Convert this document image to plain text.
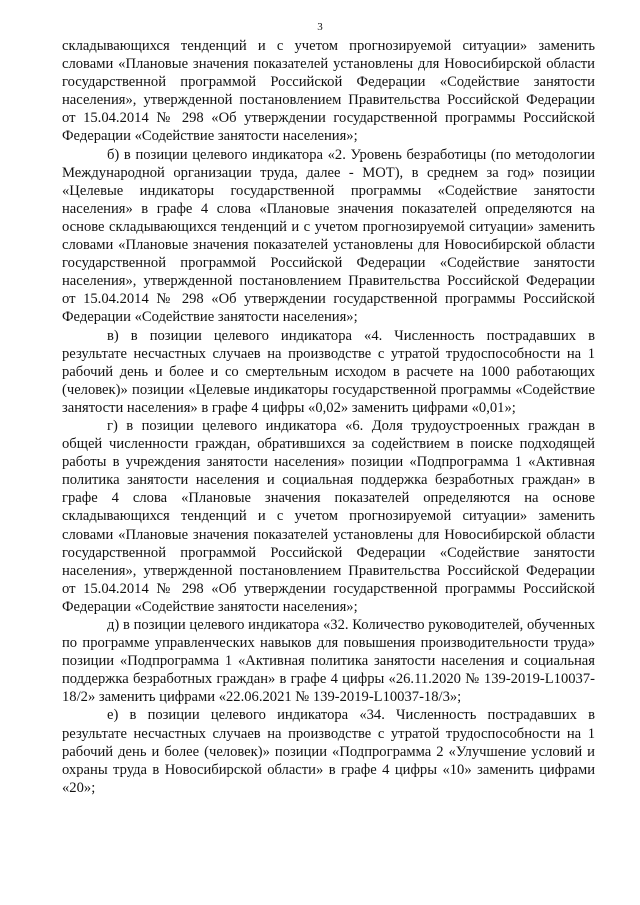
3

складывающихся тенденций и с учетом прогнозируемой ситуации» заменить словами «Плановые значения показателей установлены для Новосибирской области государственной программой Российской Федерации «Содействие занятости населения», утвержденной постановлением Правительства Российской Федерации от 15.04.2014 № 298 «Об утверждении государственной программы Российской Федерации «Содействие занятости населения»;

б) в позиции целевого индикатора «2. Уровень безработицы (по методологии Международной организации труда, далее - МОТ), в среднем за год» позиции «Целевые индикаторы государственной программы «Содействие занятости населения» в графе 4 слова «Плановые значения показателей определяются на основе складывающихся тенденций и с учетом прогнозируемой ситуации» заменить словами «Плановые значения показателей установлены для Новосибирской области государственной программой Российской Федерации «Содействие занятости населения», утвержденной постановлением Правительства Российской Федерации от 15.04.2014 № 298 «Об утверждении государственной программы Российской Федерации «Содействие занятости населения»;

в) в позиции целевого индикатора «4. Численность пострадавших в результате несчастных случаев на производстве с утратой трудоспособности на 1 рабочий день и более и со смертельным исходом в расчете на 1000 работающих (человек)» позиции «Целевые индикаторы государственной программы «Содействие занятости населения» в графе 4 цифры «0,02» заменить цифрами «0,01»;

г) в позиции целевого индикатора «6. Доля трудоустроенных граждан в общей численности граждан, обратившихся за содействием в поиске подходящей работы в учреждения занятости населения» позиции «Подпрограмма 1 «Активная политика занятости населения и социальная поддержка безработных граждан» в графе 4 слова «Плановые значения показателей определяются на основе складывающихся тенденций и с учетом прогнозируемой ситуации» заменить словами «Плановые значения показателей установлены для Новосибирской области государственной программой Российской Федерации «Содействие занятости населения», утвержденной постановлением Правительства Российской Федерации от 15.04.2014 № 298 «Об утверждении государственной программы Российской Федерации «Содействие занятости населения»;

д) в позиции целевого индикатора «32. Количество руководителей, обученных по программе управленческих навыков для повышения производительности труда» позиции «Подпрограмма 1 «Активная политика занятости населения и социальная поддержка безработных граждан» в графе 4 цифры «26.11.2020 № 139-2019-L10037-18/2» заменить цифрами «22.06.2021 № 139-2019-L10037-18/3»;

е) в позиции целевого индикатора «34. Численность пострадавших в результате несчастных случаев на производстве с утратой трудоспособности на 1 рабочий день и более (человек)» позиции «Подпрограмма 2 «Улучшение условий и охраны труда в Новосибирской области» в графе 4 цифры «10» заменить цифрами «20»;
